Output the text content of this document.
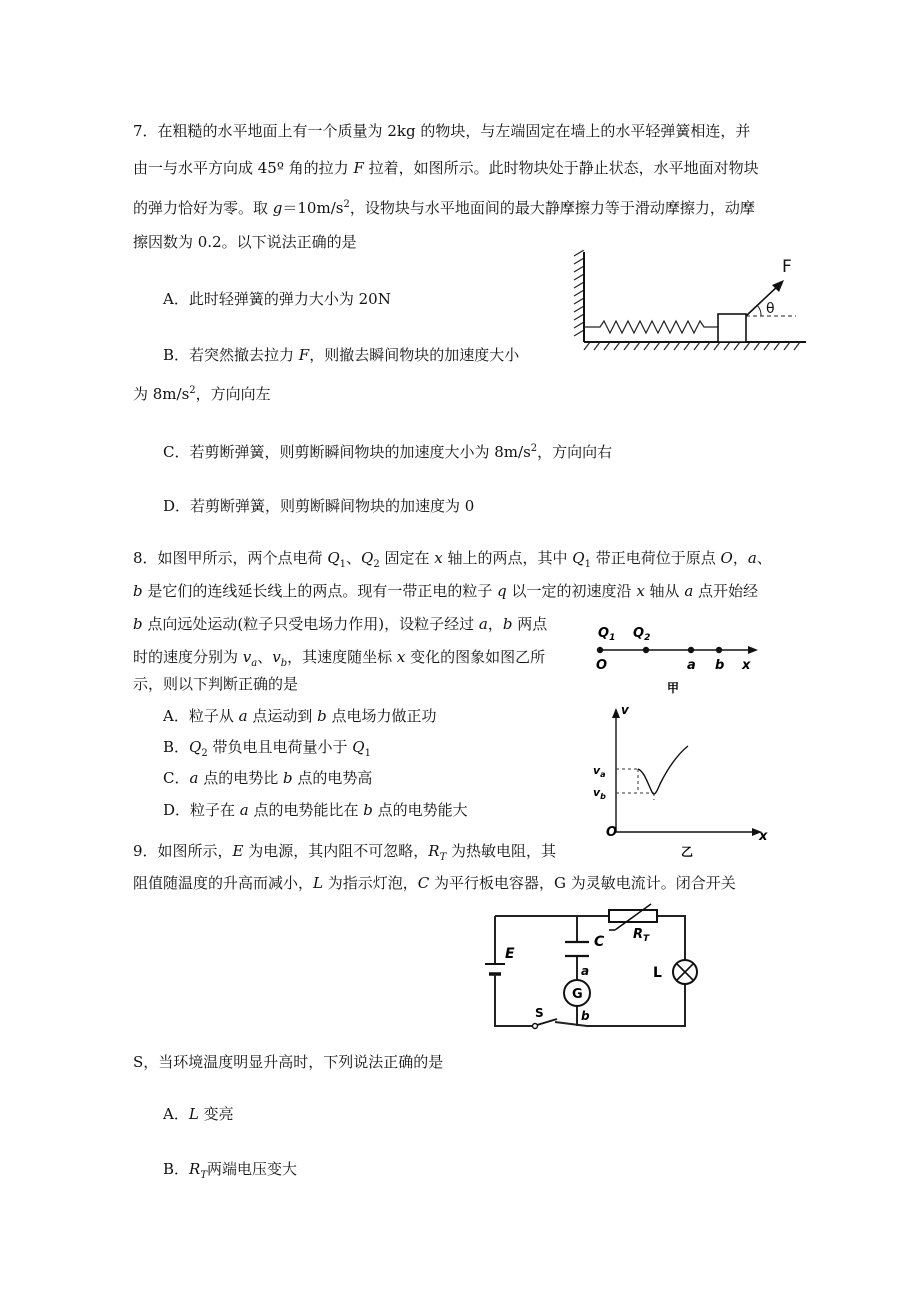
7．在粗糙的水平地面上有一个质量为 2kg 的物块，与左端固定在墙上的水平轻弹簧相连，并
由一与水平方向成 45º 角的拉力 F 拉着，如图所示。此时物块处于静止状态，水平地面对物块
的弹力恰好为零。取 $g=10m/s^2$，设物块与水平地面间的最大静摩擦力等于滑动摩擦力，动摩
擦因数为 0.2。以下说法正确的是
A．此时轻弹簧的弹力大小为 20N
B．若突然撤去拉力 F，则撤去瞬间物块的加速度大小
为 $8m/s^2$，方向向左
C．若剪断弹簧，则剪断瞬间物块的加速度大小为 $8m/s^2$，方向向右
D．若剪断弹簧，则剪断瞬间物块的加速度为 0
θ
F
8．如图甲所示，两个点电荷 $Q_1$、$Q_2$ 固定在 x 轴上的两点，其中 $Q_1$ 带正电荷位于原点 O，a、
b 是它们的连线延长线上的两点。现有一带正电的粒子 q 以一定的初速度沿 x 轴从 a 点开始经
b 点向远处运动(粒子只受电场力作用)，设粒子经过 a，b 两点
时的速度分别为 $v_a$、$v_b$，其速度随坐标 x 变化的图象如图乙所
示，则以下判断正确的是
A．粒子从 a 点运动到 b 点电场力做正功
B．$Q_2$ 带负电且电荷量小于 $Q_1$
C．a 点的电势比 b 点的电势高
D．粒子在 a 点的电势能比在 b 点的电势能大
$Q_1$ $Q_2$
O	a b x
甲
v
$v_a$
$v_b$
O	x
乙
9．如图所示，E 为电源，其内阻不可忽略，$R_T$ 为热敏电阻，其
阻值随温度的升高而减小，L 为指示灯泡，C 为平行板电容器，G 为灵敏电流计。闭合开关
S，当环境温度明显升高时，下列说法正确的是
A．L 变亮
B．$R_T$两端电压变大
E
C $R_T$
L
G
a
b
S
